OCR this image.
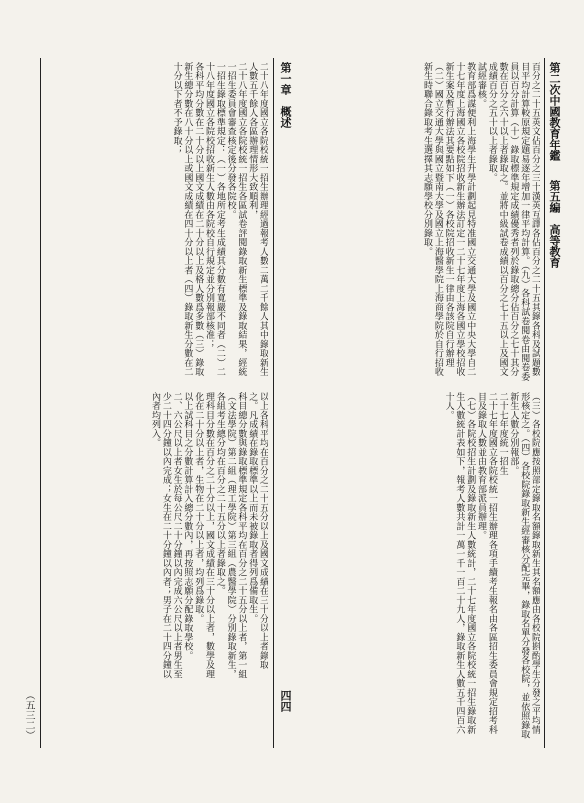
第二次中國教育年鑑
第五編　高等教育
第一章　概述
四四
（五三二）

百分之二十五英文佔百分之三十漢英互譯各佔百分之二十五其錄各科及試題數目平均計算較原規定題易逐年增加一律平均計算。（九）各科試卷閱卷由閱卷委員以百分計算（十）錄取標準規定成績優秀者列於錄取總分佔百分之七十其分數在百分之六十以上者錄取之。並將中級試卷成績以百分之七十五以上及國文成績百分之五十以上者錄取。

試經審核。

教育部爲謀便利上海學生升學計劃起見特准國立交通大學及國立中央大學自二十七年度上海國立各校院招收新生辦法訂定一二十七年度上海各國立學校招收新生案及暫行辦法其要點如下（一）各校院招收新生一律由各該院自行辦理（二）國立交通大學與國立暨南大學及國立上海醫學院上海商學院於自行招收新生時聯合錄取考生選擇其志願學校分別錄取。

（三）各校院應按照部定錄取名額錄取新生其名額應由各校院斟酌學生分發之平均情形核定之。（四）各校院錄取新生經審核分配完畢，錄取名單分發各校院，並依照錄取新生人數分別報部。

二十七年度統一招生

二十七年度國立各院校統一招生辦理各項手續考生報名由各區招生委員會規定招考科目及錄取人數並由教育部派員辦理。

（七）各院校招生計劃及錄取新生人數統計，二十七年度國立各院校統一招生錄取新生人數統計表如下，報考人數共計一萬一千一百二十九人，錄取新生人數五千四百六十人。

二十八年度國立各院校統一招生辦理經過報考人數二萬二千餘人其中錄取新生人數五千餘人各區辦理情形大致順利，

二十八年度國立各院校統一招生各區試卷評閱錄取新生標準及錄取結果，經統一招生委員會審查核定後分發各院校。

一招生錄取標準規定：（一）各地所定考生成績其分數有寬嚴不同者（二）二十八年度國立各院校招收新生人數由各院校自行規定並分別報部核准；

各科平均分數在二十分以上國文成績在二十分以上及格人數爲多數（三）錄取新生總分數在八十分以上或國文成績在四十分以上者（四）錄取新生分數在二十分以下者不予錄取；

以上各科平均在百分之二十五分以上及國文成績在三十分以上者錄取之。凡成績在錄取標準以上而未被錄取者得列爲備取生。

科目總分數與錄取標準規定各科平均在百分之二十五分以上者，第一組（文法學院）第二組（理工學院）第三組（農醫學院）分別錄取新生，各組考生總分均在百分之二十五分以上者錄取之。

理科目分數在百分之二十分以上，國文成績在三十分以上者，數學及理化在二十分以上者，生物在二十分以上者，均列爲錄取。

以上試科目之分數計算計入總分數內，再按照志願分配錄取學校。

二、六公尺以上者女生於每公尺二十分鐘以內完成六公尺以上者男生至少二十四分鐘以內完成；女生在二十分鐘以內者；男子在二十四分鐘以內者均列入。
